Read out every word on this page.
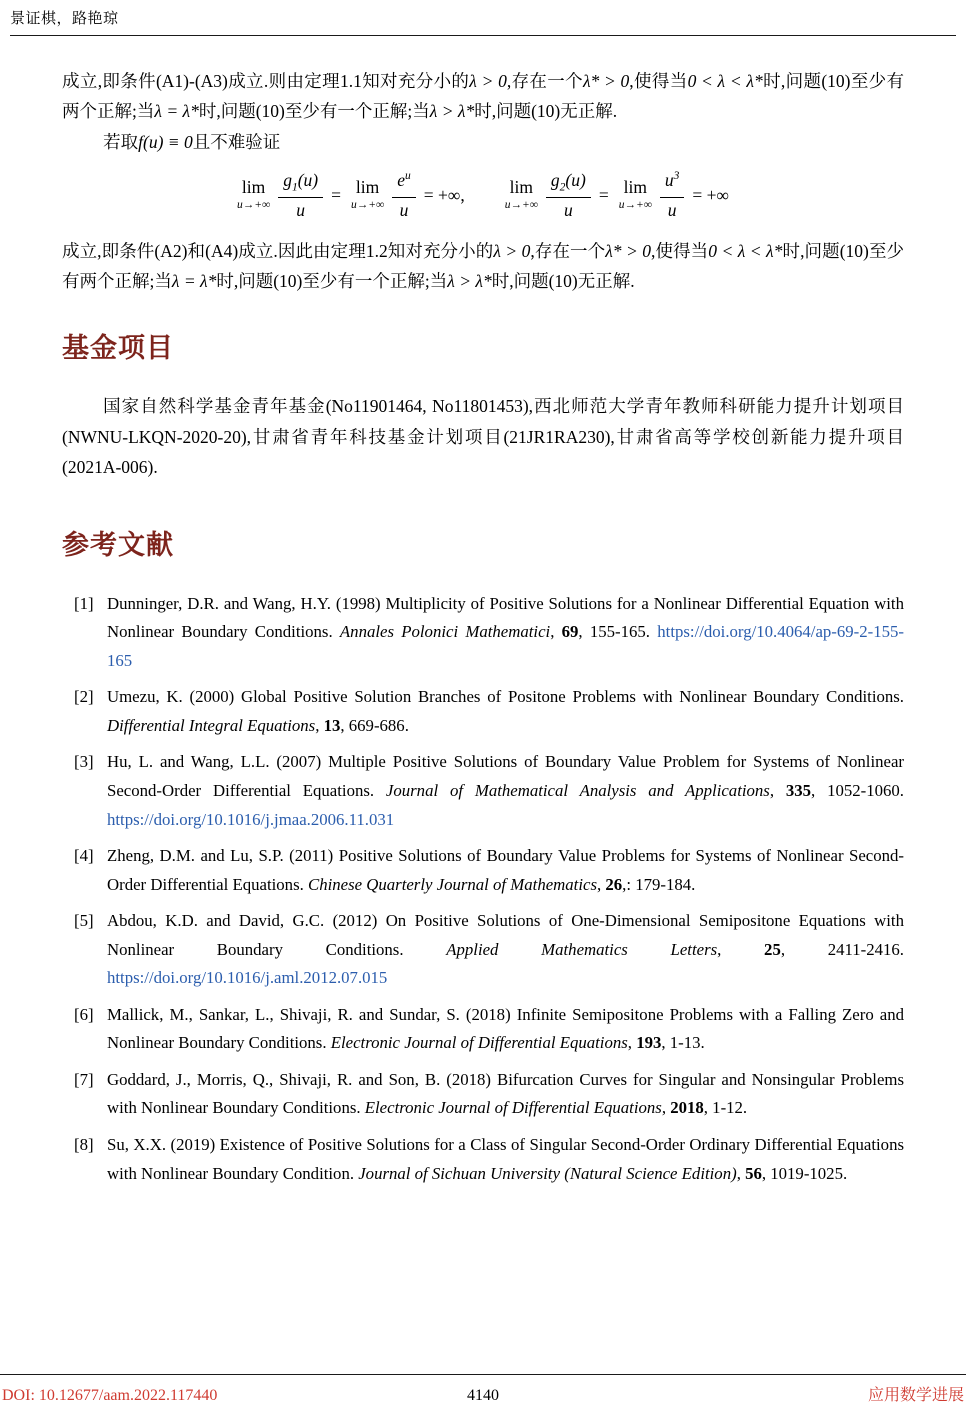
景证棋，路艳琼

成立,即条件(A1)-(A3)成立.则由定理1.1知对充分小的λ > 0,存在一个λ* > 0,使得当0 < λ < λ*时,问题(10)至少有两个正解;当λ = λ*时,问题(10)至少有一个正解;当λ > λ*时,问题(10)无正解.

若取f(u) ≡ 0且不难验证

lim
$u\to+\infty \frac{g_1(u)}{u} = \lim$
$u\to+\infty \frac{e^u}{u}$ = +∞,	lim
$u\to+\infty \frac{g_2(u)}{u} = \lim$
$u\to+\infty \frac{u^3}{u}$ = +∞

成立,即条件(A2)和(A4)成立.因此由定理1.2知对充分小的λ > 0,存在一个λ* > 0,使得当0 < λ < λ*时,问题(10)至少有两个正解;当λ = λ*时,问题(10)至少有一个正解;当λ > λ*时,问题(10)无正解.

基金项目

国家自然科学基金青年基金(No11901464, No11801453),西北师范大学青年教师科研能力提升计划项目(NWNU-LKQN-2020-20),甘肃省青年科技基金计划项目(21JR1RA230),甘肃省高等学校创新能力提升项目(2021A-006).

参考文献
[1] Dunninger, D.R. and Wang, H.Y. (1998) Multiplicity of Positive Solutions for a Nonlinear Differential Equation with Nonlinear Boundary Conditions. Annales Polonici Mathematici, 69, 155-165. https://doi.org/10.4064/ap-69-2-155-165
[2] Umezu, K. (2000) Global Positive Solution Branches of Positone Problems with Nonlinear Boundary Conditions. Differential Integral Equations, 13, 669-686.
[3] Hu, L. and Wang, L.L. (2007) Multiple Positive Solutions of Boundary Value Problem for Systems of Nonlinear Second-Order Differential Equations. Journal of Mathematical Analysis and Applications, 335, 1052-1060. https://doi.org/10.1016/j.jmaa.2006.11.031
[4] Zheng, D.M. and Lu, S.P. (2011) Positive Solutions of Boundary Value Problems for Systems of Nonlinear Second-Order Differential Equations. Chinese Quarterly Journal of Mathematics, 26,: 179-184.
[5] Abdou, K.D. and David, G.C. (2012) On Positive Solutions of One-Dimensional Semipositone Equations with Nonlinear Boundary Conditions. Applied Mathematics Letters, 25, 2411-2416. https://doi.org/10.1016/j.aml.2012.07.015
[6] Mallick, M., Sankar, L., Shivaji, R. and Sundar, S. (2018) Infinite Semipositone Problems with a Falling Zero and Nonlinear Boundary Conditions. Electronic Journal of Differential Equations, 193, 1-13.
[7] Goddard, J., Morris, Q., Shivaji, R. and Son, B. (2018) Bifurcation Curves for Singular and Nonsingular Problems with Nonlinear Boundary Conditions. Electronic Journal of Differential Equations, 2018, 1-12.
[8] Su, X.X. (2019) Existence of Positive Solutions for a Class of Singular Second-Order Ordinary Differential Equations with Nonlinear Boundary Condition. Journal of Sichuan University (Natural Science Edition), 56, 1019-1025.
DOI: 10.12677/aam.2022.117440	4140	应用数学进展
